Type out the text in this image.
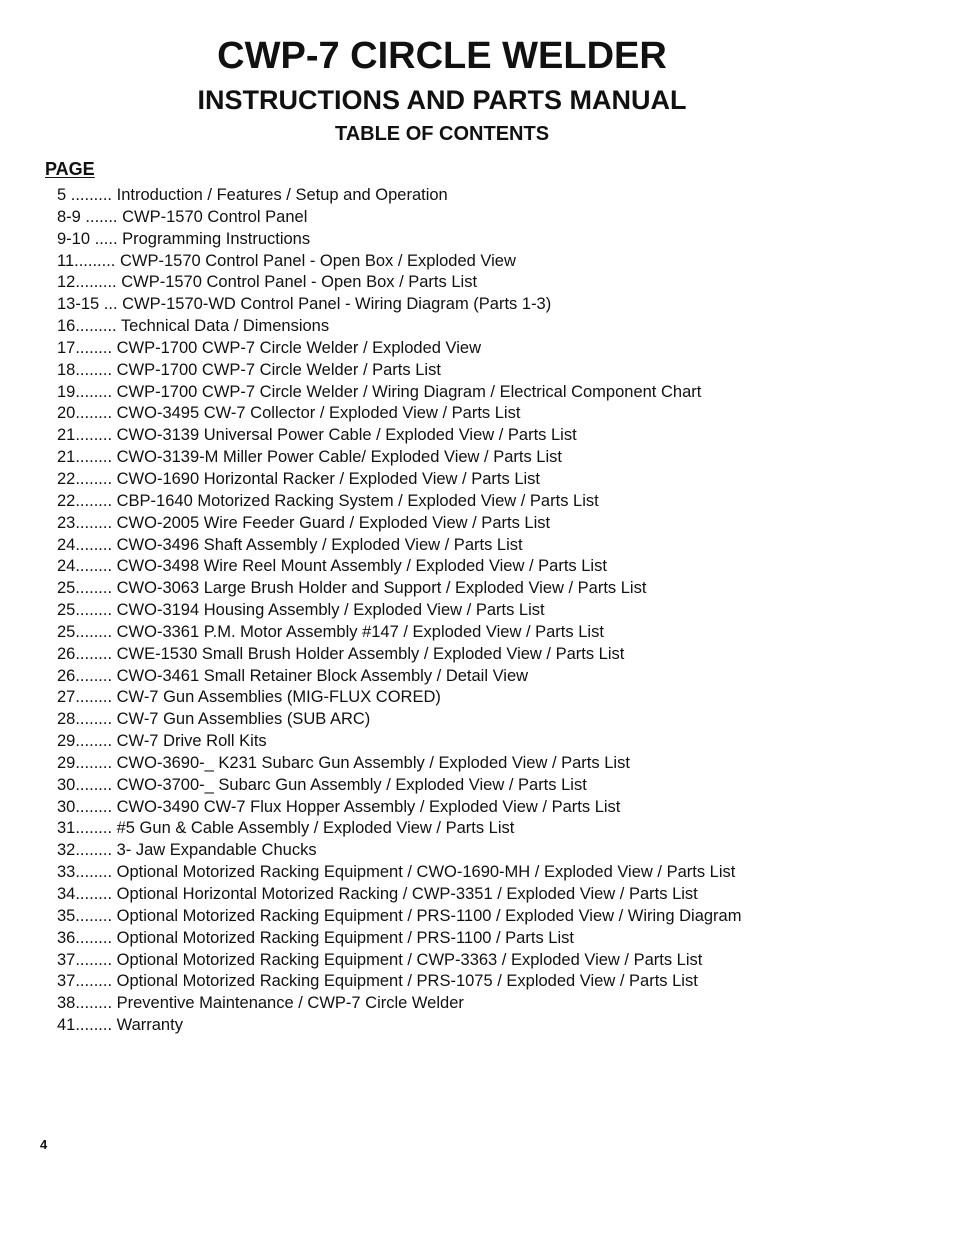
CWP-7 CIRCLE WELDER
INSTRUCTIONS AND PARTS MANUAL
TABLE OF CONTENTS
PAGE
5 ......... Introduction / Features / Setup and Operation
8-9 ....... CWP-1570 Control Panel
9-10 ..... Programming Instructions
11......... CWP-1570 Control Panel - Open Box / Exploded View
12......... CWP-1570 Control Panel - Open Box / Parts List
13-15 ... CWP-1570-WD Control Panel - Wiring Diagram (Parts 1-3)
16......... Technical Data / Dimensions
17........ CWP-1700 CWP-7 Circle Welder / Exploded View
18........ CWP-1700 CWP-7 Circle Welder / Parts List
19........ CWP-1700 CWP-7 Circle Welder / Wiring Diagram / Electrical Component Chart
20........ CWO-3495 CW-7 Collector / Exploded View / Parts List
21........ CWO-3139 Universal Power Cable / Exploded View / Parts List
21........ CWO-3139-M Miller Power Cable/ Exploded View / Parts List
22........ CWO-1690 Horizontal Racker / Exploded View / Parts List
22........ CBP-1640 Motorized Racking System / Exploded View / Parts List
23........ CWO-2005 Wire Feeder Guard / Exploded View / Parts List
24........ CWO-3496 Shaft Assembly / Exploded View / Parts List
24........ CWO-3498 Wire Reel Mount Assembly / Exploded View / Parts List
25........ CWO-3063 Large Brush Holder and Support / Exploded View / Parts List
25........ CWO-3194 Housing Assembly / Exploded View / Parts List
25........ CWO-3361 P.M. Motor Assembly #147 / Exploded View / Parts List
26........ CWE-1530 Small Brush Holder Assembly / Exploded View / Parts List
26........ CWO-3461 Small Retainer Block Assembly / Detail View
27........ CW-7 Gun Assemblies (MIG-FLUX CORED)
28........ CW-7 Gun Assemblies (SUB ARC)
29........ CW-7 Drive Roll Kits
29........ CWO-3690-_ K231 Subarc Gun Assembly / Exploded View / Parts List
30........ CWO-3700-_ Subarc Gun Assembly / Exploded View / Parts List
30........ CWO-3490 CW-7 Flux Hopper Assembly / Exploded View / Parts List
31........ #5 Gun & Cable Assembly / Exploded View / Parts List
32........ 3- Jaw Expandable Chucks
33........ Optional Motorized Racking Equipment / CWO-1690-MH / Exploded View / Parts List
34........ Optional Horizontal Motorized Racking / CWP-3351 / Exploded View / Parts List
35........ Optional Motorized Racking Equipment / PRS-1100 / Exploded View / Wiring Diagram
36........ Optional Motorized Racking Equipment / PRS-1100 / Parts List
37........ Optional Motorized Racking Equipment / CWP-3363 / Exploded View / Parts List
37........ Optional Motorized Racking Equipment / PRS-1075 / Exploded View / Parts List
38........ Preventive Maintenance / CWP-7 Circle Welder
41........ Warranty
4
